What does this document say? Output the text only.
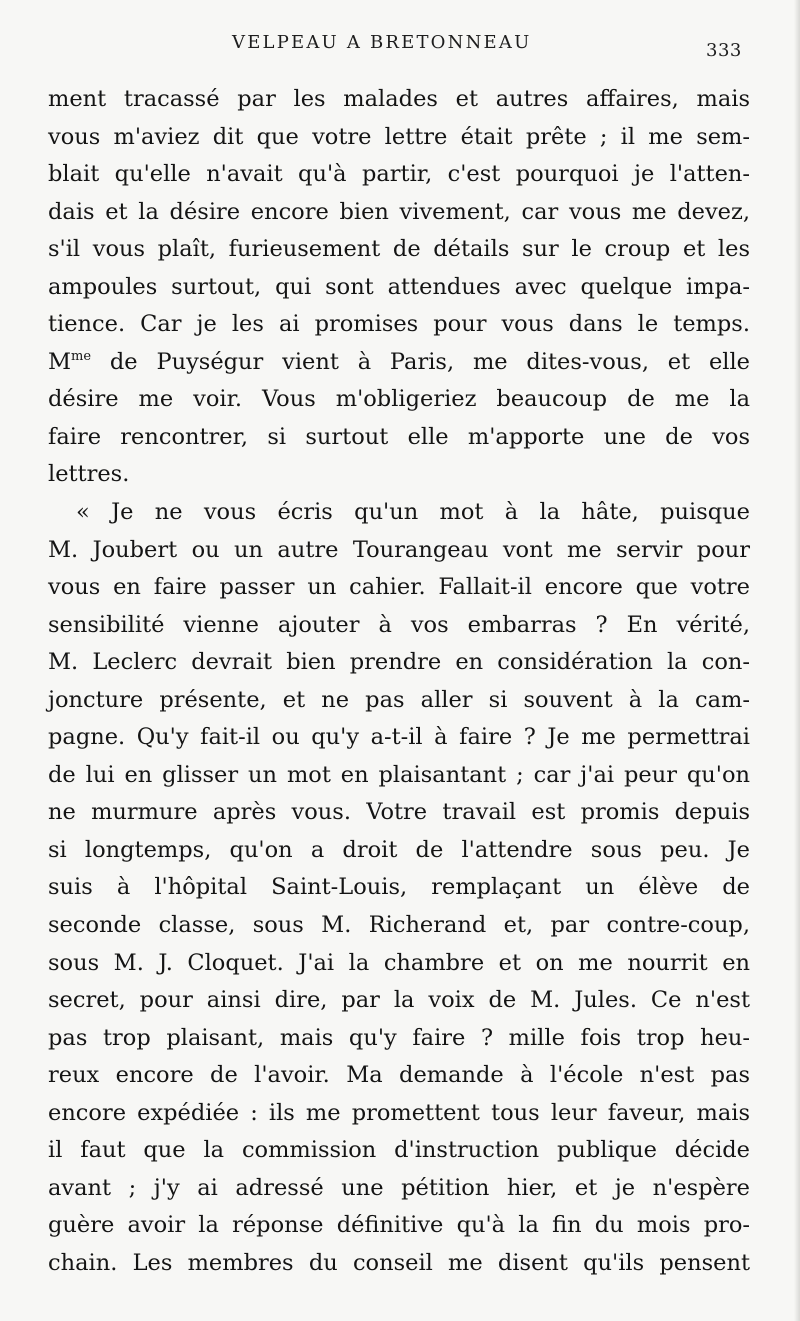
VELPEAU A BRETONNEAU	333
ment tracassé par les malades et autres affaires, mais
vous m'aviez dit que votre lettre était prête ; il me sem-
blait qu'elle n'avait qu'à partir, c'est pourquoi je l'atten-
dais et la désire encore bien vivement, car vous me devez,
s'il vous plaît, furieusement de détails sur le croup et les
ampoules surtout, qui sont attendues avec quelque impa-
tience. Car je les ai promises pour vous dans le temps.
$M^{me}$ de Puységur vient à Paris, me dites-vous, et elle
désire me voir. Vous m'obligeriez beaucoup de me la
faire rencontrer, si surtout elle m'apporte une de vos
lettres.
« Je ne vous écris qu'un mot à la hâte, puisque
M. Joubert ou un autre Tourangeau vont me servir pour
vous en faire passer un cahier. Fallait-il encore que votre
sensibilité vienne ajouter à vos embarras ? En vérité,
M. Leclerc devrait bien prendre en considération la con-
joncture présente, et ne pas aller si souvent à la cam-
pagne. Qu'y fait-il ou qu'y a-t-il à faire ? Je me permettrai
de lui en glisser un mot en plaisantant ; car j'ai peur qu'on
ne murmure après vous. Votre travail est promis depuis
si longtemps, qu'on a droit de l'attendre sous peu. Je
suis à l'hôpital Saint-Louis, remplaçant un élève de
seconde classe, sous M. Richerand et, par contre-coup,
sous M. J. Cloquet. J'ai la chambre et on me nourrit en
secret, pour ainsi dire, par la voix de M. Jules. Ce n'est
pas trop plaisant, mais qu'y faire ? mille fois trop heu-
reux encore de l'avoir. Ma demande à l'école n'est pas
encore expédiée : ils me promettent tous leur faveur, mais
il faut que la commission d'instruction publique décide
avant ; j'y ai adressé une pétition hier, et je n'espère
guère avoir la réponse définitive qu'à la fin du mois pro-
chain. Les membres du conseil me disent qu'ils pensent
